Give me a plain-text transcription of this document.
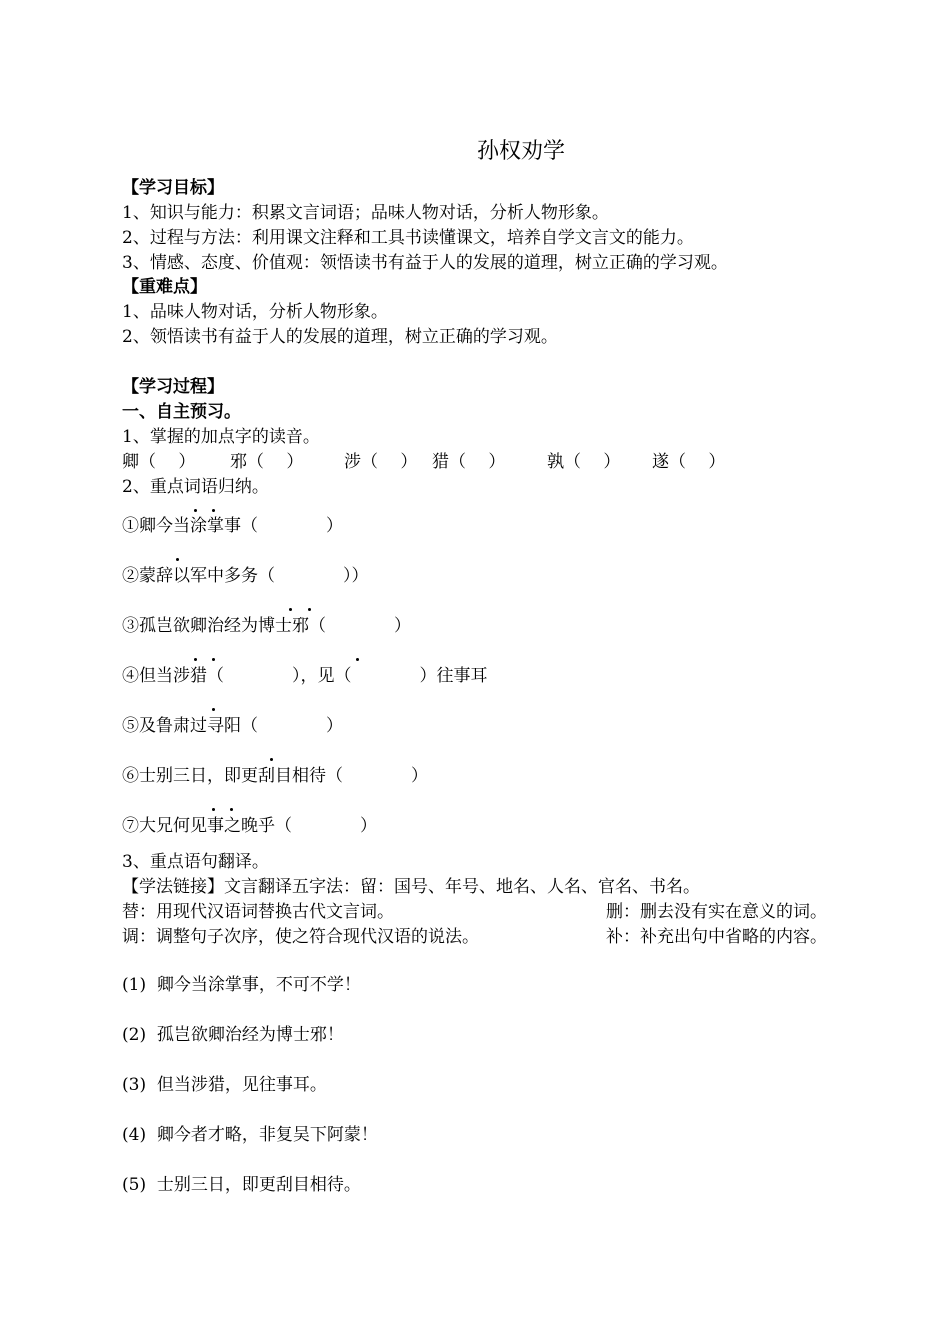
孙权劝学
【学习目标】
1、知识与能力：积累文言词语；品味人物对话，分析人物形象。
2、过程与方法：利用课文注释和工具书读懂课文，培养自学文言文的能力。
3、情感、态度、价值观：领悟读书有益于人的发展的道理，树立正确的学习观。
【重难点】
1、品味人物对话，分析人物形象。
2、领悟读书有益于人的发展的道理，树立正确的学习观。
【学习过程】
一、自主预习。
1、掌握的加点字的读音。
卿（　 ） 邪（　 ） 涉（　 ） 猎（　 ） 孰（　 ） 遂（　 ）
2、重点词语归纳。
①卿今当涂掌事（　　　　）
②蒙辞以军中多务（　　　　））
③孤岂欲卿治经为博士邪（　　　　）
④但当涉猎（　　　　），见（　　　　）往事耳
⑤及鲁肃过寻阳（　　　　）
⑥士别三日，即更刮目相待（　　　　）
⑦大兄何见事之晚乎（　　　　）
3、重点语句翻译。
【学法链接】文言翻译五字法：留：国号、年号、地名、人名、官名、书名。
替：用现代汉语词替换古代文言词。	删：删去没有实在意义的词。
调：调整句子次序，使之符合现代汉语的说法。	补：补充出句中省略的内容。
(1)  卿今当涂掌事，不可不学！
(2)  孤岂欲卿治经为博士邪！
(3)  但当涉猎，见往事耳。
(4)  卿今者才略，非复吴下阿蒙！
(5)  士别三日，即更刮目相待。
